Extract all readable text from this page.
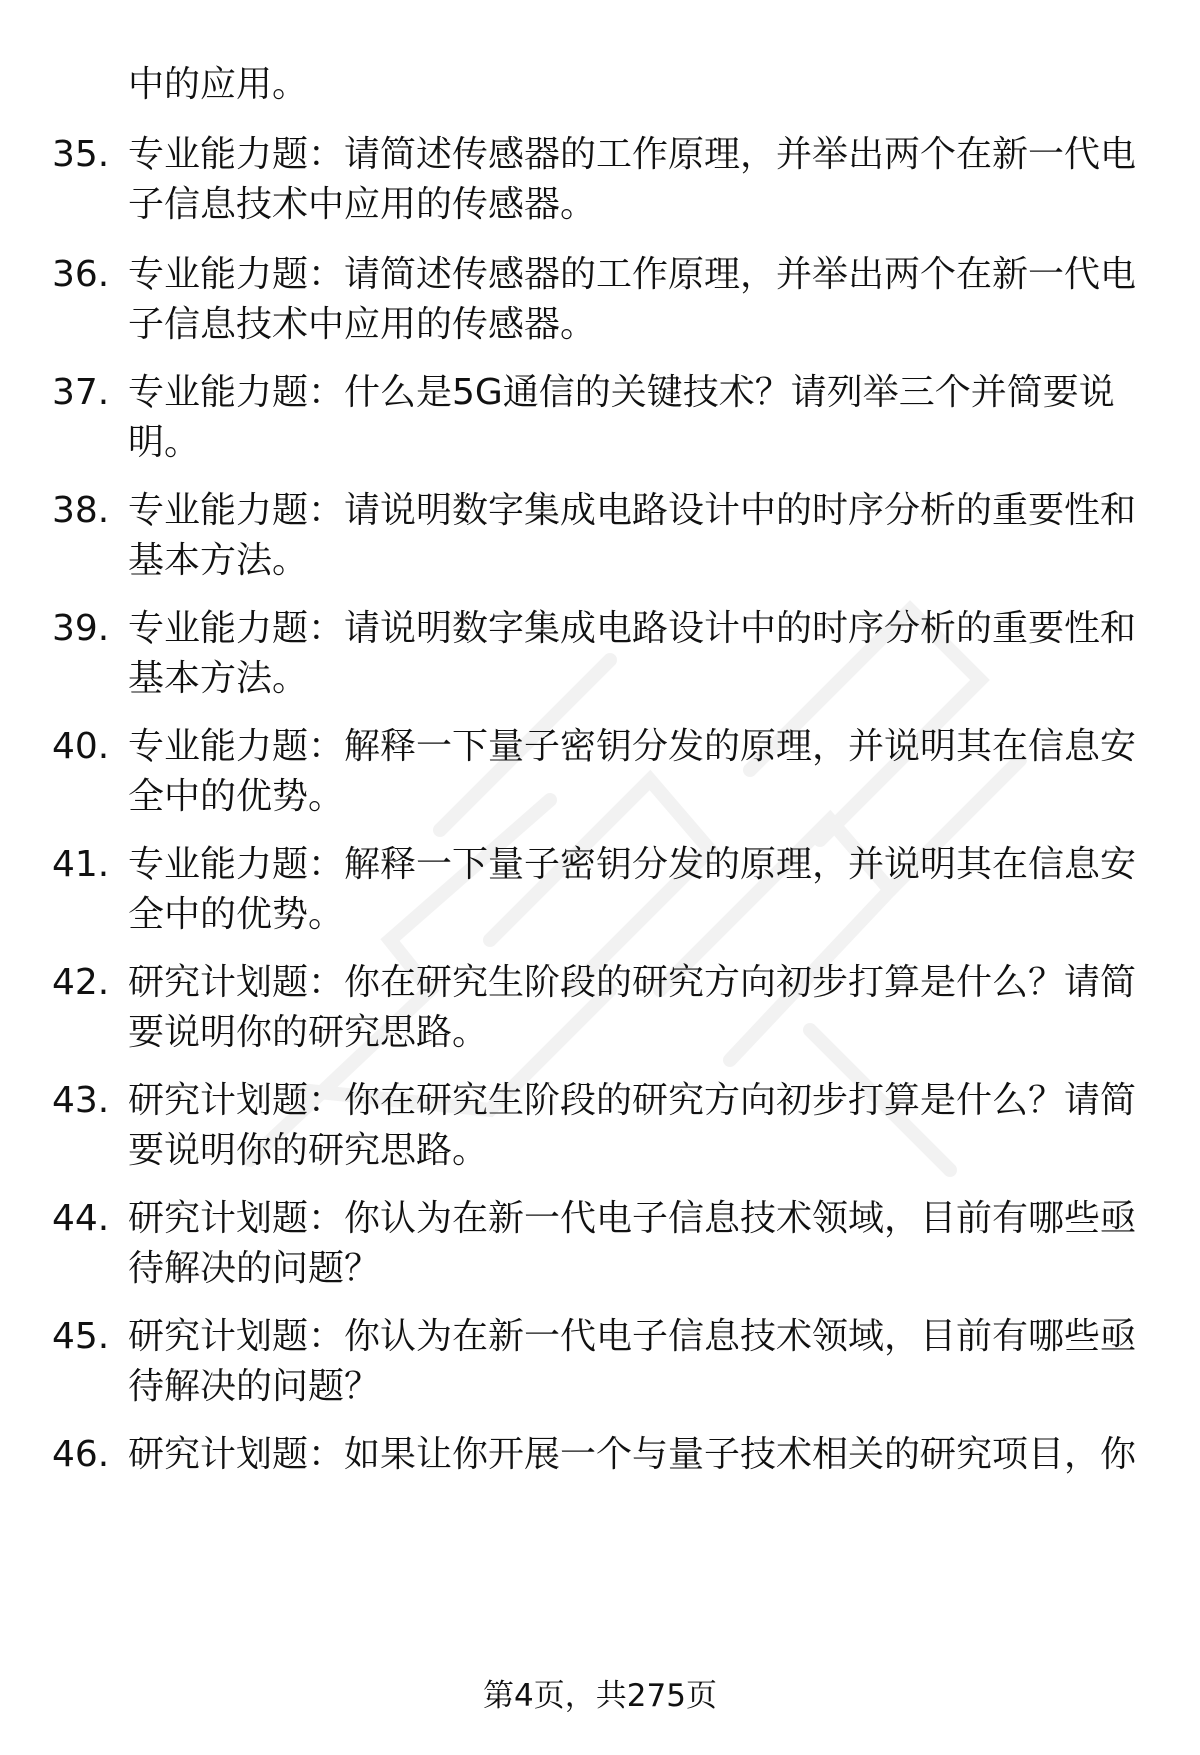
中的应用。
35. 专业能力题：请简述传感器的工作原理，并举出两个在新一代电
子信息技术中应用的传感器。
36. 专业能力题：请简述传感器的工作原理，并举出两个在新一代电
子信息技术中应用的传感器。
37. 专业能力题：什么是5G通信的关键技术？请列举三个并简要说
明。
38. 专业能力题：请说明数字集成电路设计中的时序分析的重要性和
基本方法。
39. 专业能力题：请说明数字集成电路设计中的时序分析的重要性和
基本方法。
40. 专业能力题：解释一下量子密钥分发的原理，并说明其在信息安
全中的优势。
41. 专业能力题：解释一下量子密钥分发的原理，并说明其在信息安
全中的优势。
42. 研究计划题：你在研究生阶段的研究方向初步打算是什么？请简
要说明你的研究思路。
43. 研究计划题：你在研究生阶段的研究方向初步打算是什么？请简
要说明你的研究思路。
44. 研究计划题：你认为在新一代电子信息技术领域，目前有哪些亟
待解决的问题？
45. 研究计划题：你认为在新一代电子信息技术领域，目前有哪些亟
待解决的问题？
46. 研究计划题：如果让你开展一个与量子技术相关的研究项目，你
第4页，共275页
